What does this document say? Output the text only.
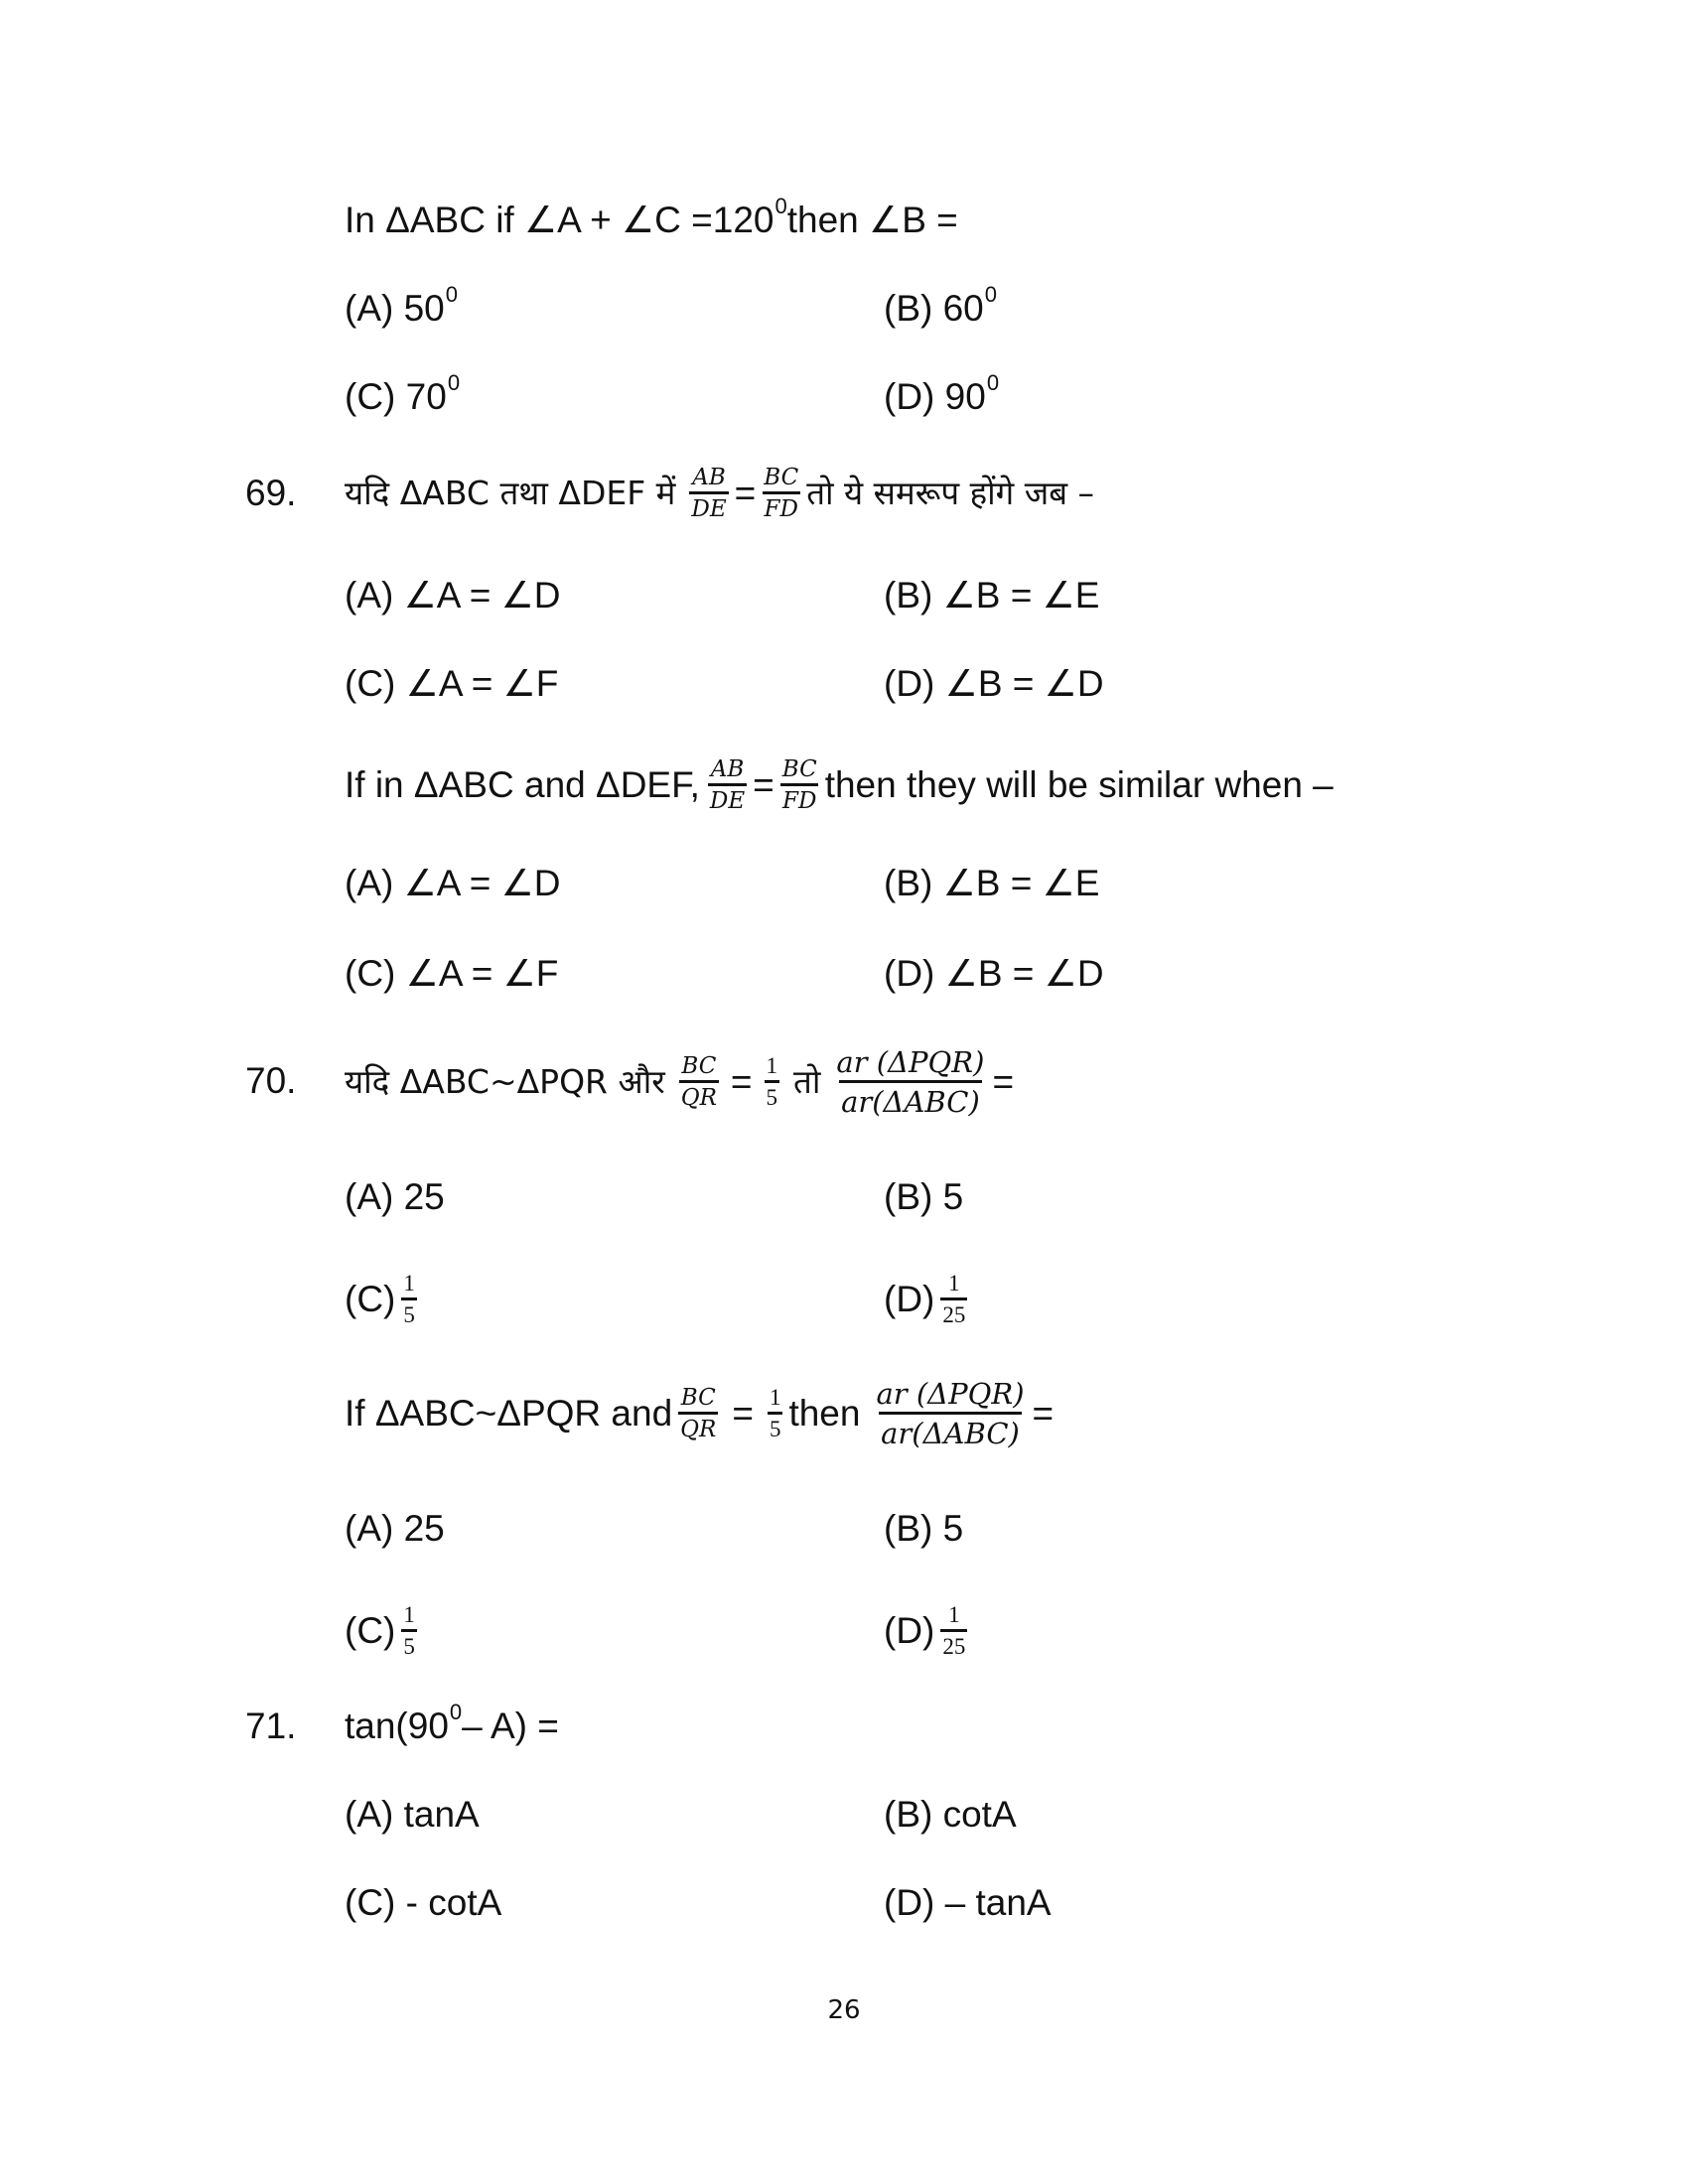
In ΔABC if ∠A + ∠C =120 0 then ∠B =
(A) 50 0	(B) 60 0
(C) 70 0	(D) 90 0
69. यदि ΔABC तथा ΔDEF में $\frac{AB}{DE} = \frac{BC}{FD}$ तो ये समरूप होंगे जब –
(A) ∠A = ∠D	(B) ∠B = ∠E
(C) ∠A = ∠F	(D) ∠B = ∠D
If in ΔABC and ΔDEF, $\frac{AB}{DE} = \frac{BC}{FD}$ then they will be similar when –
(A) ∠A = ∠D	(B) ∠B = ∠E
(C) ∠A = ∠F	(D) ∠B = ∠D
70. यदि ΔABC~ΔPQR और $\frac{BC}{QR} = \frac{1}{5}$ तो $\frac{\text{ar (ΔPQR)}}{\text{ar(ΔABC)}}$ =
(A) 25	(B) 5
$(C) \frac{1}{5}$	$(D) \frac{1}{25}$
If ΔABC~ΔPQR and $\frac{BC}{QR} = \frac{1}{5}$ then $\frac{\text{ar (ΔPQR)}}{\text{ar(ΔABC)}}$ =
(A) 25	(B) 5
$(C) \frac{1}{5}$	$(D) \frac{1}{25}$
71. tan(90 0 – A) =
(A) tanA	(B) cotA
(C) - cotA	(D) – tanA
26
